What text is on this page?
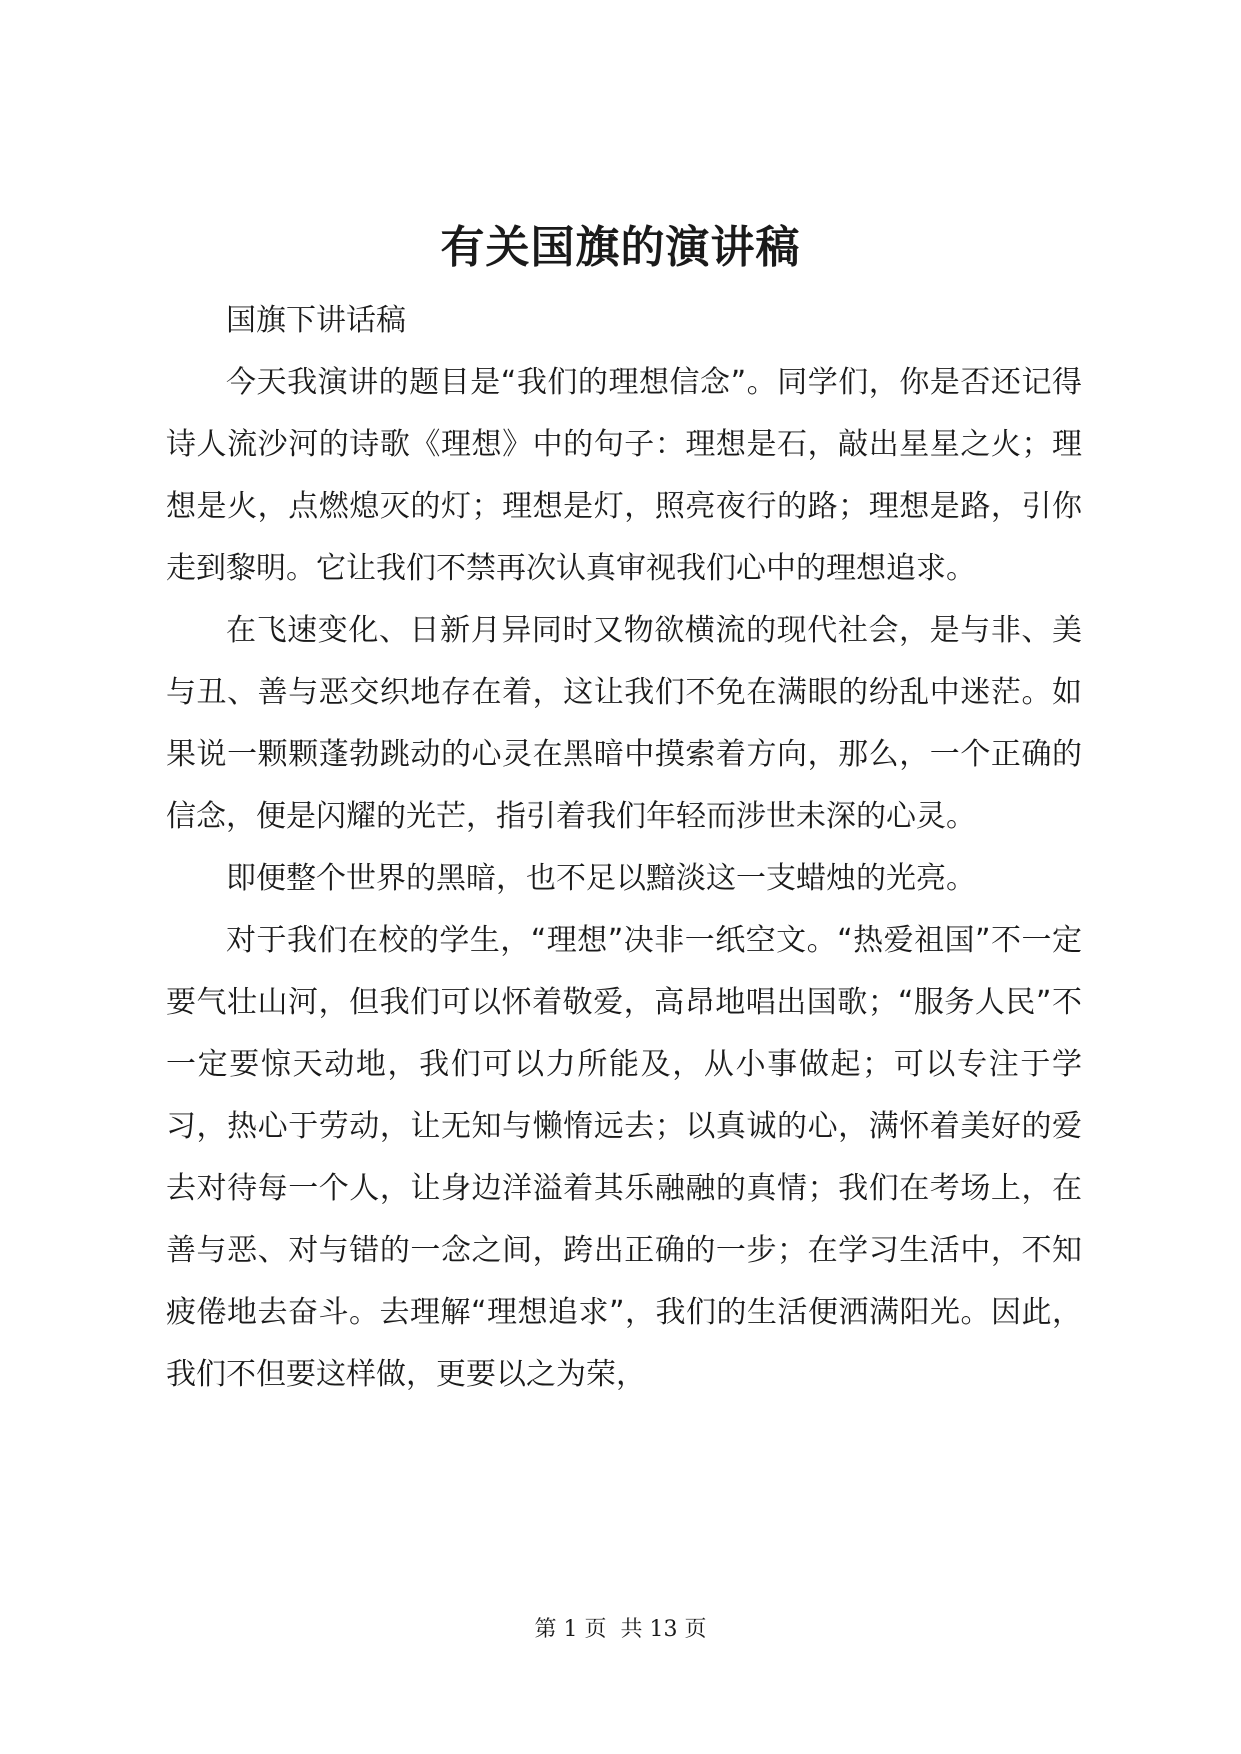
有关国旗的演讲稿

国旗下讲话稿

今天我演讲的题目是“我们的理想信念”。同学们，你是否还记得诗人流沙河的诗歌《理想》中的句子：理想是石，敲出星星之火；理想是火，点燃熄灭的灯；理想是灯，照亮夜行的路；理想是路，引你走到黎明。它让我们不禁再次认真审视我们心中的理想追求。

在飞速变化、日新月异同时又物欲横流的现代社会，是与非、美与丑、善与恶交织地存在着，这让我们不免在满眼的纷乱中迷茫。如果说一颗颗蓬勃跳动的心灵在黑暗中摸索着方向，那么，一个正确的信念，便是闪耀的光芒，指引着我们年轻而涉世未深的心灵。

即便整个世界的黑暗，也不足以黯淡这一支蜡烛的光亮。

对于我们在校的学生，“理想”决非一纸空文。“热爱祖国”不一定要气壮山河，但我们可以怀着敬爱，高昂地唱出国歌；“服务人民”不一定要惊天动地，我们可以力所能及，从小事做起；可以专注于学习，热心于劳动，让无知与懒惰远去；以真诚的心，满怀着美好的爱去对待每一个人，让身边洋溢着其乐融融的真情；我们在考场上，在善与恶、对与错的一念之间，跨出正确的一步；在学习生活中，不知疲倦地去奋斗。去理解“理想追求”，我们的生活便洒满阳光。因此，我们不但要这样做，更要以之为荣，

第 1 页  共 13 页
